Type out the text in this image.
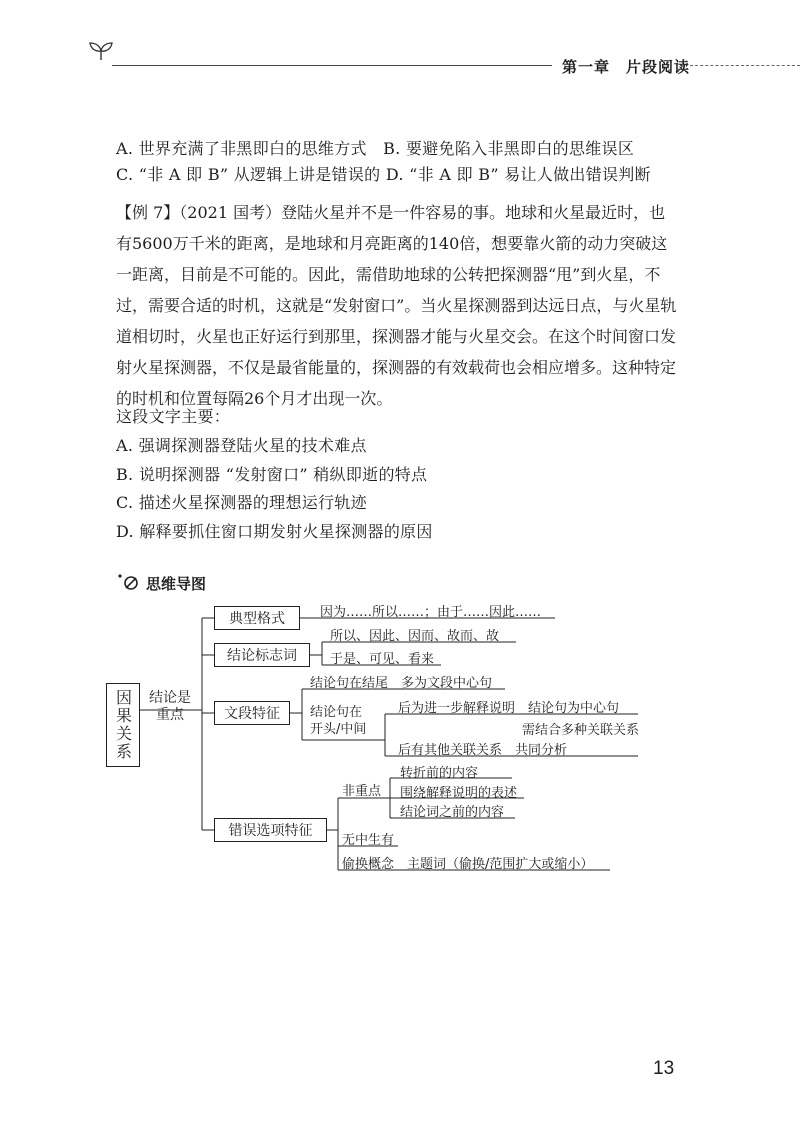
第一章　片段阅读
A. 世界充满了非黑即白的思维方式　B. 要避免陷入非黑即白的思维误区
C. “非 A 即 B” 从逻辑上讲是错误的 D. “非 A 即 B” 易让人做出错误判断
【例 7】（2021 国考）登陆火星并不是一件容易的事。地球和火星最近时，也有5600万千米的距离，是地球和月亮距离的140倍，想要靠火箭的动力突破这一距离，目前是不可能的。因此，需借助地球的公转把探测器“甩”到火星，不过，需要合适的时机，这就是“发射窗口”。当火星探测器到达远日点，与火星轨道相切时，火星也正好运行到那里，探测器才能与火星交会。在这个时间窗口发射火星探测器，不仅是最省能量的，探测器的有效载荷也会相应增多。这种特定的时机和位置每隔26个月才出现一次。
这段文字主要：
A. 强调探测器登陆火星的技术难点
B. 说明探测器 “发射窗口” 稍纵即逝的特点
C. 描述火星探测器的理想运行轨迹
D. 解释要抓住窗口期发射火星探测器的原因
思维导图
因果关系	结论是重点
典型格式
结论标志词
文段特征
错误选项特征
因为……所以……；由于……因此……
所以、因此、因而、故而、故
于是、可见、看来
结论句在结尾　多为文段中心句
结论句在
开头/中间
后为进一步解释说明　结论句为中心句
需结合多种关联关系
后有其他关联关系　共同分析
非重点
转折前的内容
围绕解释说明的表述
结论词之前的内容
无中生有
偷换概念　主题词（偷换/范围扩大或缩小）
13
